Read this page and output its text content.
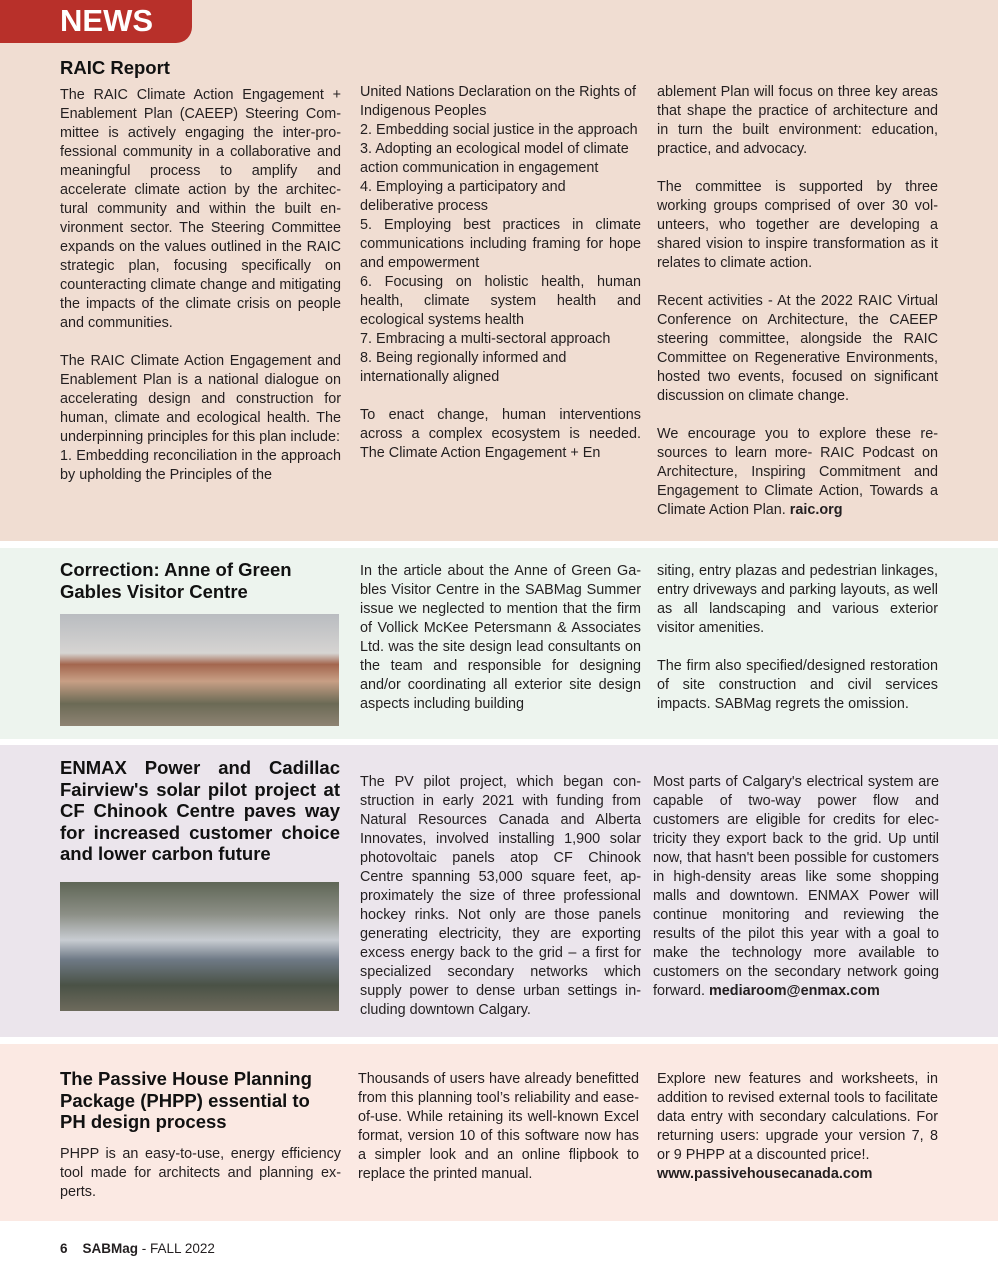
NEWS
RAIC Report

The RAIC Climate Action Engagement + Enablement Plan (CAEEP) Steering Committee is actively engaging the inter-professional community in a collaborative and meaningful process to amplify and accelerate climate action by the architectural community and within the built environment sector. The Steering Committee expands on the values outlined in the RAIC strategic plan, focusing specifically on counteracting climate change and mitigating the impacts of the climate crisis on people and communities.

The RAIC Climate Action Engagement and Enablement Plan is a national dialogue on accelerating design and construction for human, climate and ecological health. The underpinning principles for this plan include:

1. Embedding reconciliation in the approach by upholding the Principles of the

United Nations Declaration on the Rights of Indigenous Peoples
2. Embedding social justice in the approach
3. Adopting an ecological model of climate action communication in engagement
4. Employing a participatory and deliberative process
5. Employing best practices in climate communications including framing for hope and empowerment
6. Focusing on holistic health, human health, climate system health and ecological systems health
7. Embracing a multi-sectoral approach
8. Being regionally informed and internationally aligned
To enact change, human interventions across a complex ecosystem is needed. The Climate Action Engagement + En

ablement Plan will focus on three key areas that shape the practice of architecture and in turn the built environment: education, practice, and advocacy.

The committee is supported by three working groups comprised of over 30 volunteers, who together are developing a shared vision to inspire transformation as it relates to climate action.

Recent activities - At the 2022 RAIC Virtual Conference on Architecture, the CAEEP steering committee, alongside the RAIC Committee on Regenerative Environments, hosted two events, focused on significant discussion on climate change.

We encourage you to explore these resources to learn more- RAIC Podcast on Architecture, Inspiring Commitment and Engagement to Climate Action, Towards a Climate Action Plan. raic.org

Correction: Anne of Green Gables Visitor Centre

In the article about the Anne of Green Gables Visitor Centre in the SABMag Summer issue we neglected to mention that the firm of Vollick McKee Petersmann & Associates Ltd. was the site design lead consultants on the team and responsible for designing and/or coordinating all exterior site design aspects including building

siting, entry plazas and pedestrian linkages, entry driveways and parking layouts, as well as all landscaping and various exterior visitor amenities.

The firm also specified/designed restoration of site construction and civil services impacts. SABMag regrets the omission.

ENMAX Power and Cadillac Fairview's solar pilot project at CF Chinook Centre paves way for increased customer choice and lower carbon future

The PV pilot project, which began construction in early 2021 with funding from Natural Resources Canada and Alberta Innovates, involved installing 1,900 solar photovoltaic panels atop CF Chinook Centre spanning 53,000 square feet, approximately the size of three professional hockey rinks. Not only are those panels generating electricity, they are exporting excess energy back to the grid – a first for specialized secondary networks which supply power to dense urban settings including downtown Calgary.

Most parts of Calgary's electrical system are capable of two-way power flow and customers are eligible for credits for electricity they export back to the grid. Up until now, that hasn't been possible for customers in high-density areas like some shopping malls and downtown. ENMAX Power will continue monitoring and reviewing the results of the pilot this year with a goal to make the technology more available to customers on the secondary network going forward. mediaroom@enmax.com

The Passive House Planning Package (PHPP) essential to PH design process

PHPP is an easy-to-use, energy efficiency tool made for architects and planning experts.

Thousands of users have already benefitted from this planning tool’s reliability and ease-of-use. While retaining its well-known Excel format, version 10 of this software now has a simpler look and an online flipbook to replace the printed manual.

Explore new features and worksheets, in addition to revised external tools to facilitate data entry with secondary calculations. For returning users: upgrade your version 7, 8 or 9 PHPP at a discounted price!.

www.passivehousecanada.com
6 SABMag - FALL 2022
